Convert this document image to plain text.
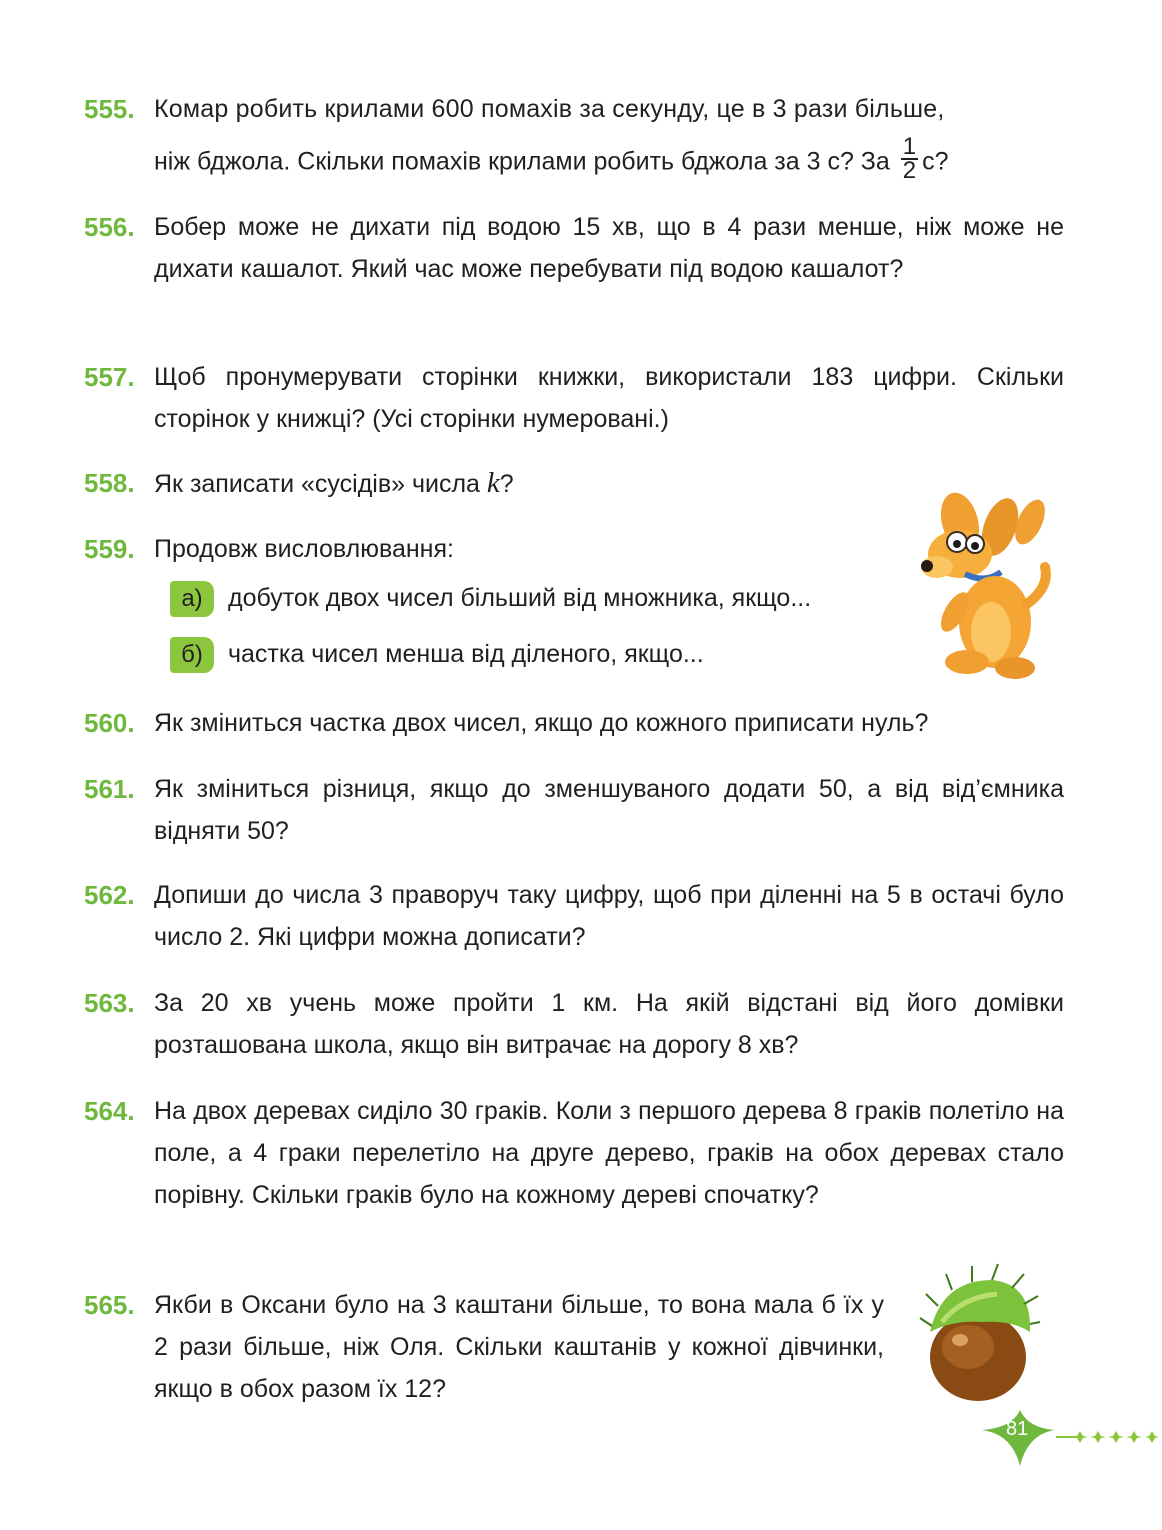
555. Комар робить крилами 600 помахів за секунду, це в 3 рази більше,
ніж бджола. Скільки помахів крилами робить бджола за 3 с? За $\frac{1}{2} с$?
556. Бобер може не дихати під водою 15 хв, що в 4 рази менше, ніж може не дихати кашалот. Який час може перебувати під водою кашалот?
557. Щоб пронумерувати сторінки книжки, використали 183 цифри. Скільки сторінок у книжці? (Усі сторінки нумеровані.)
558. Як записати «сусідів» числа k?
559. Продовж висловлювання:
а) добуток двох чисел більший від множника, якщо...
б) частка чисел менша від діленого, якщо...
560. Як зміниться частка двох чисел, якщо до кожного приписати нуль?
561. Як зміниться різниця, якщо до зменшуваного додати 50, а від від’ємника відняти 50?
562. Допиши до числа 3 праворуч таку цифру, щоб при діленні на 5 в остачі було число 2. Які цифри можна дописати?
563. За 20 хв учень може пройти 1 км. На якій відстані від його домівки розташована школа, якщо він витрачає на дорогу 8 хв?
564. На двох деревах сиділо 30 граків. Коли з першого дерева 8 граків полетіло на поле, а 4 граки перелетіло на друге дерево, граків на обох деревах стало порівну. Скільки граків було на кожному дереві спочатку?
565. Якби в Оксани було на 3 каштани більше, то вона мала б їх у 2 рази більше, ніж Оля. Скільки каштанів у кожної дівчинки, якщо в обох разом їх 12?
81
